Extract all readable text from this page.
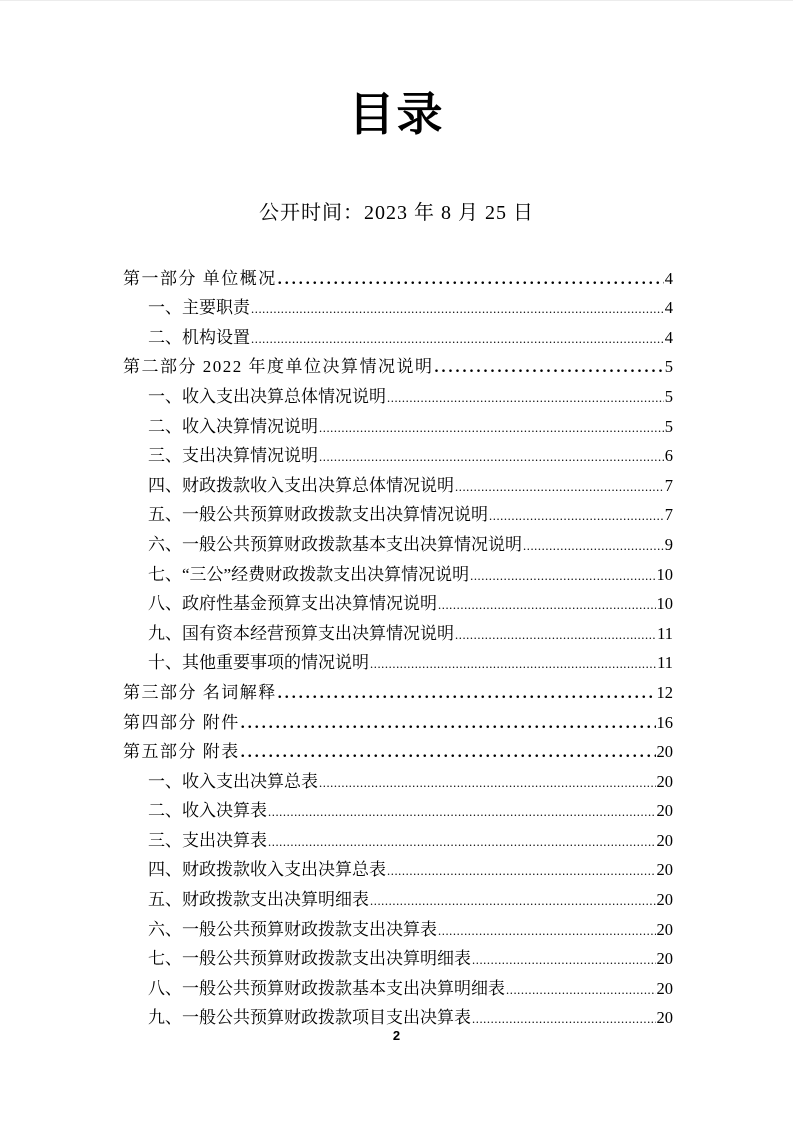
目录
公开时间：2023 年 8 月 25 日
第一部分 单位概况 .....	4
一、主要职责 .....	4
二、机构设置 .....	4
第二部分 2022 年度单位决算情况说明 .....	5
一、收入支出决算总体情况说明 .....	5
二、收入决算情况说明 .....	5
三、支出决算情况说明 .....	6
四、财政拨款收入支出决算总体情况说明 .....	7
五、一般公共预算财政拨款支出决算情况说明 .....	7
六、一般公共预算财政拨款基本支出决算情况说明 .....	9
七、“三公”经费财政拨款支出决算情况说明 .....	10
八、政府性基金预算支出决算情况说明 .....	10
九、国有资本经营预算支出决算情况说明 .....	11
十、其他重要事项的情况说明 .....	11
第三部分 名词解释 .....	12
第四部分 附件 .....	16
第五部分 附表 .....	20
一、收入支出决算总表 .....	20
二、收入决算表 .....	20
三、支出决算表 .....	20
四、财政拨款收入支出决算总表 .....	20
五、财政拨款支出决算明细表 .....	20
六、一般公共预算财政拨款支出决算表 .....	20
七、一般公共预算财政拨款支出决算明细表 .....	20
八、一般公共预算财政拨款基本支出决算明细表 .....	20
九、一般公共预算财政拨款项目支出决算表 .....	20
2
